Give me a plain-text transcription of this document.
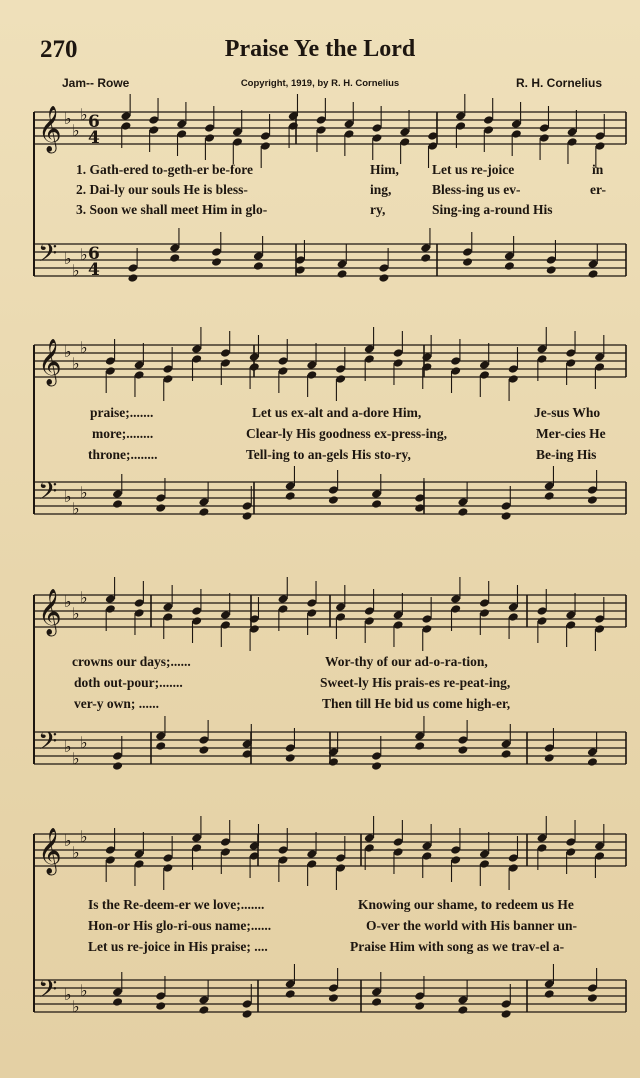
𝄞 ♭
♭
♭ 6
4
𝄢 ♭
♭
♭ 6
4
𝄞 ♭
♭
♭
𝄢 ♭
♭
♭
𝄞 ♭
♭
♭
𝄢 ♭
♭
♭
𝄞 ♭
♭
♭
𝄢 ♭
♭
♭
270	Praise Ye the Lord
Jam-- Rowe	Copyright, 1919, by R. H. Cornelius	R. H. Cornelius

1. Gath-ered to-geth-er be-fore

	Him,

Let us re-joice

	in

2. Dai-ly our souls He is bless-

	ing,

	Bless-ing us ev-

	er-

3. Soon we shall meet Him in glo-

	ry,

	Sing-ing a-round His

praise;.......

	Let us ex-alt and a-dore Him,

	Je-sus Who

more;........

	Clear-ly His goodness ex-press-ing,

	Mer-cies He

throne;........

	Tell-ing to an-gels His sto-ry,

	Be-ing His

crowns our days;......

	Wor-thy of our ad-o-ra-tion,

doth out-pour;.......

	Sweet-ly His prais-es re-peat-ing,

ver-y own; ......

	Then till He bid us come high-er,

Is the Re-deem-er we love;.......

	Knowing our shame, to redeem us He

Hon-or His glo-ri-ous name;......

	O-ver the world with His banner un-

Let us re-joice in His praise; ....

	Praise Him with song as we trav-el a-
